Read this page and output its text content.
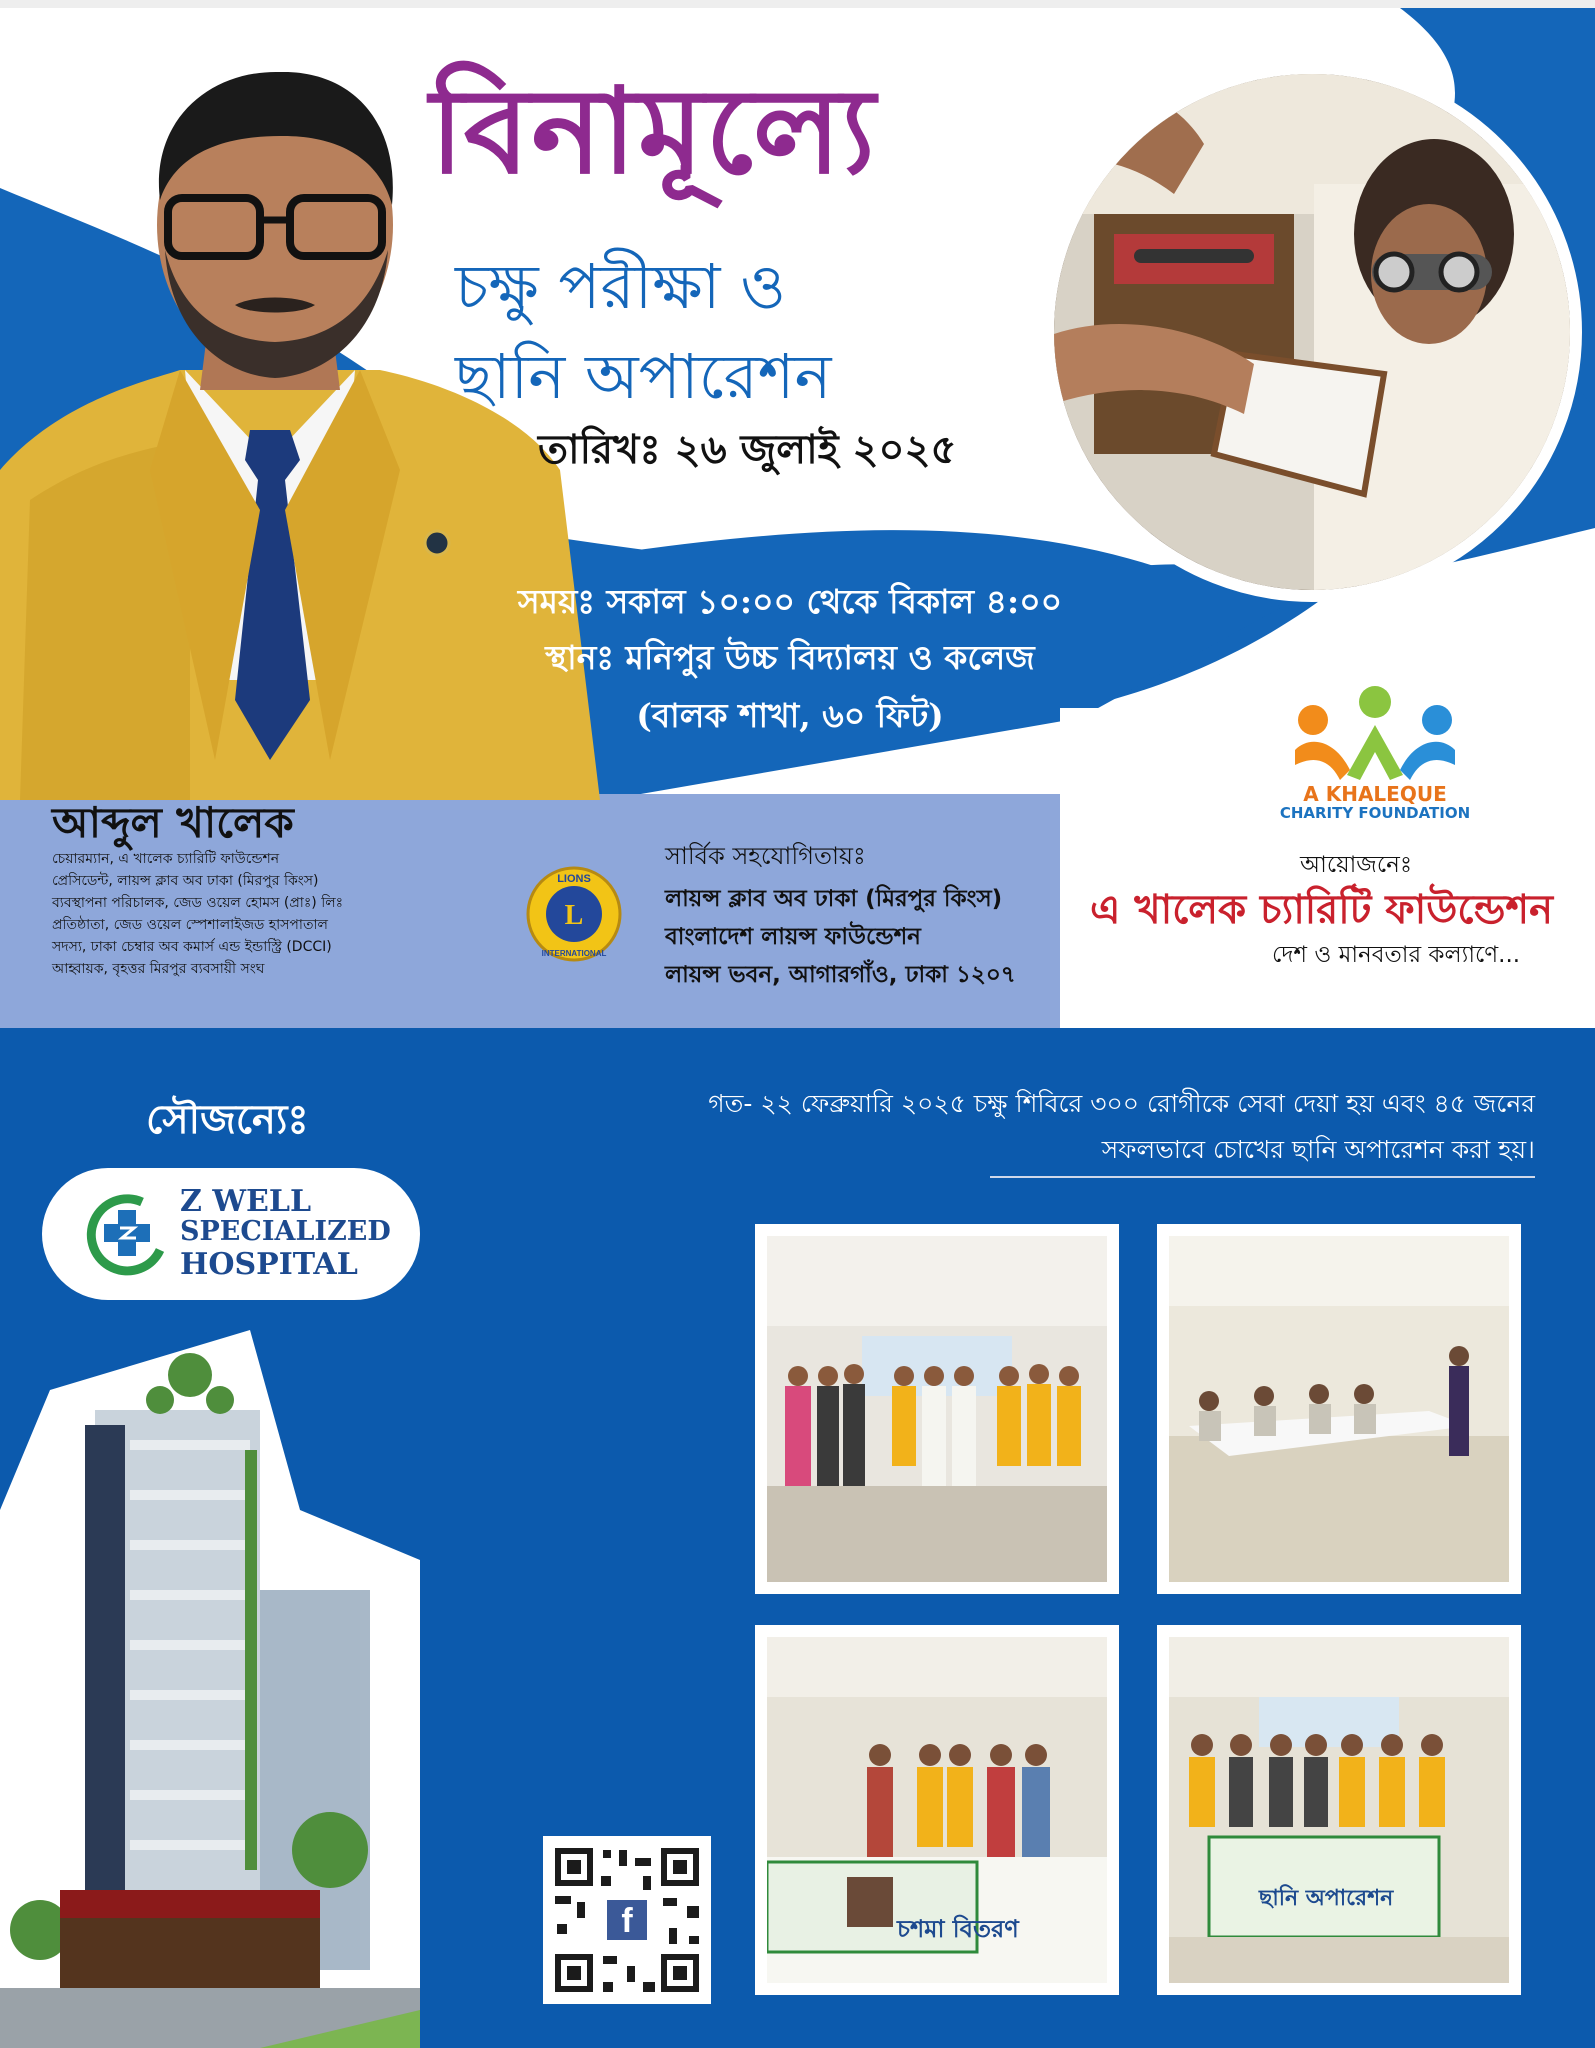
বিনামূল্যে
চক্ষু পরীক্ষা ও
ছানি অপারেশন
তারিখঃ ২৬ জুলাই ২০২৫
সময়ঃ সকাল ১০:০০ থেকে বিকাল ৪:০০
স্থানঃ মনিপুর উচ্চ বিদ্যালয় ও কলেজ
(বালক শাখা, ৬০ ফিট)
আব্দুল খালেক
চেয়ারম্যান, এ খালেক চ্যারিটি ফাউন্ডেশন
প্রেসিডেন্ট, লায়ন্স ক্লাব অব ঢাকা (মিরপুর কিংস)
ব্যবস্থাপনা পরিচালক, জেড ওয়েল হোমস (প্রাঃ) লিঃ
প্রতিষ্ঠাতা, জেড ওয়েল স্পেশালাইজড হাসপাতাল
সদস্য, ঢাকা চেম্বার অব কমার্স এন্ড ইন্ডাস্ট্রি (DCCI)
আহ্বায়ক, বৃহত্তর মিরপুর ব্যবসায়ী সংঘ
L
LIONS
INTERNATIONAL
সার্বিক সহযোগিতায়ঃ
লায়ন্স ক্লাব অব ঢাকা (মিরপুর কিংস)
বাংলাদেশ লায়ন্স ফাউন্ডেশন
লায়ন্স ভবন, আগারগাঁও, ঢাকা ১২০৭
A KHALEQUE
CHARITY FOUNDATION
আয়োজনেঃ
এ খালেক চ্যারিটি ফাউন্ডেশন
দেশ ও মানবতার কল্যাণে...
সৌজন্যেঃ
Z WELL
SPECIALIZED
HOSPITAL
গত- ২২ ফেব্রুয়ারি ২০২৫ চক্ষু শিবিরে ৩০০ রোগীকে সেবা দেয়া হয় এবং ৪৫ জনের
সফলভাবে চোখের ছানি অপারেশন করা হয়।
চশমা বিতরণ
ছানি অপারেশন
f
